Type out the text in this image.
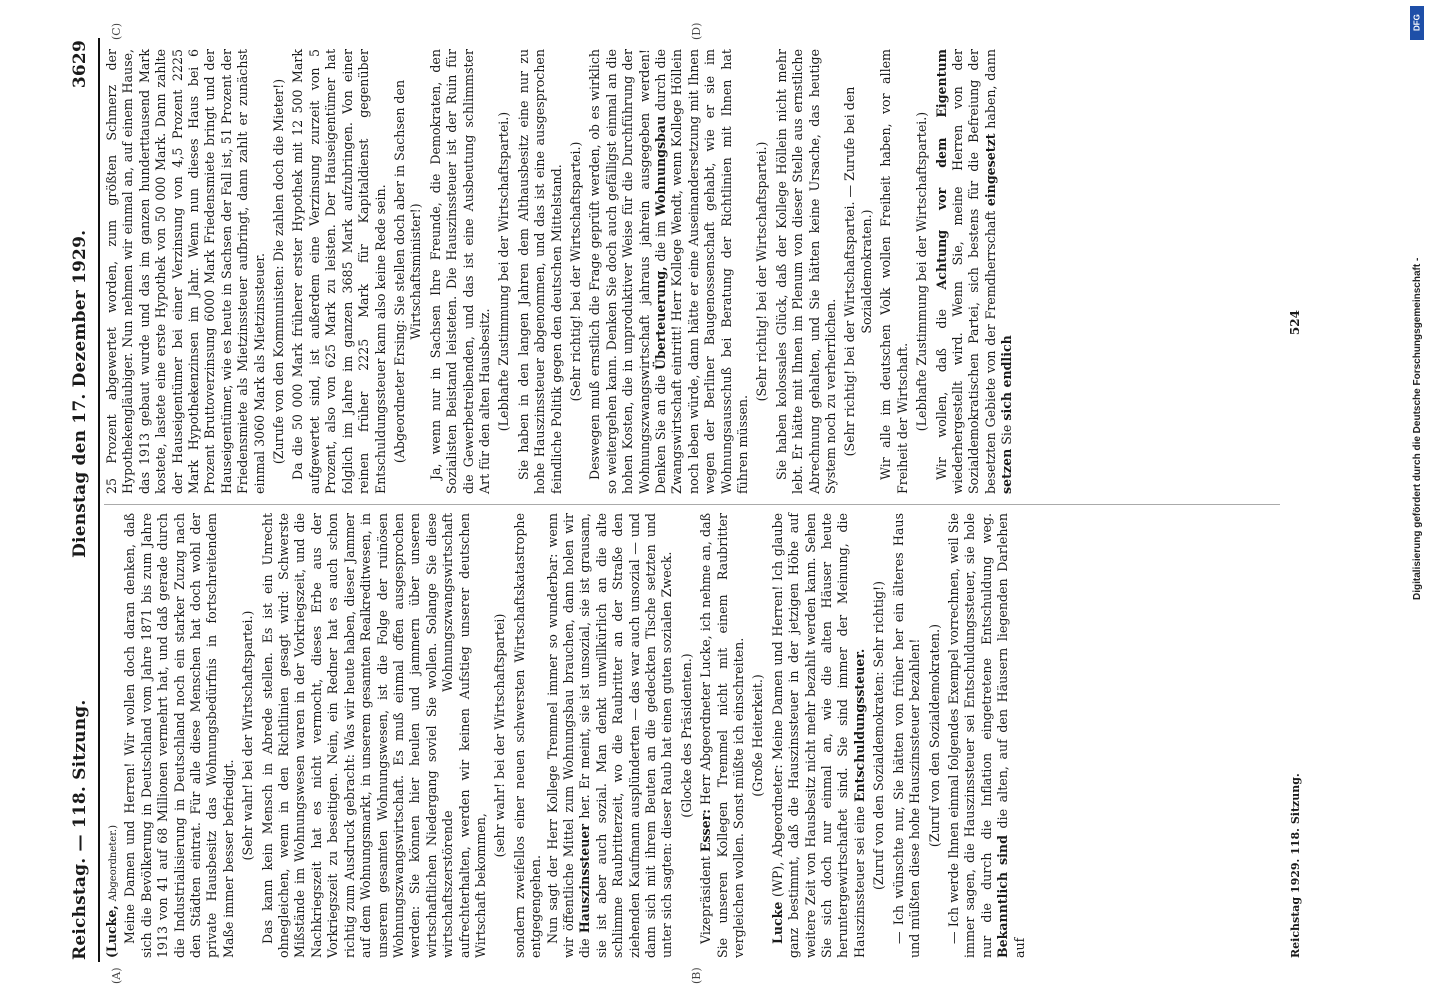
Reichstag. — 118. Sitzung.
Dienstag den 17. Dezember 1929.
3629

(Lucke, Abgeordneter.) Meine Damen und Herren! Wir wollen doch daran denken, daß sich die Bevölkerung in Deutschland vom Jahre 1871 bis zum Jahre 1913 von 41 auf 68 Millionen vermehrt hat, und daß gerade durch die Industrialisierung in Deutschland noch ein starker Zuzug nach den Städten eintrat. Für alle diese Menschen hat doch wohl der private Hausbesitz das Wohnungsbedürfnis in fortschreitendem Maße immer besser befriedigt. (Sehr wahr! bei der Wirtschaftspartei.) Das kann kein Mensch in Abrede stellen. Es ist ein Unrecht ohnegleichen, wenn in den Richtlinien gesagt wird: Schwerste Mißstände im Wohnungswesen waren in der Vorkriegszeit, und die Nachkriegszeit hat es nicht vermocht, dieses Erbe aus der Vorkriegszeit zu beseitigen. Nein, ein Redner hat es auch schon richtig zum Ausdruck gebracht: Was wir heute haben, dieser Jammer auf dem Wohnungsmarkt, in unserem gesamten Realkreditwesen, in unserem gesamten Wohnungswesen, ist die Folge der ruinösen Wohnungszwangswirtschaft. Es muß einmal offen ausgesprochen werden: Sie können hier heulen und jammern über unseren wirtschaftlichen Niedergang soviel Sie wollen. Solange Sie diese wirtschaftszerstörende Wohnungszwangswirtschaft aufrechterhalten, werden wir keinen Aufstieg unserer deutschen Wirtschaft bekommen,

(sehr wahr! bei der Wirtschaftspartei) sondern zweifellos einer neuen schwersten Wirtschaftskatastrophe entgegengehen. Nun sagt der Herr Kollege Tremmel immer so wunderbar: wenn wir öffentliche Mittel zum Wohnungsbau brauchen, dann holen wir die Hauszinssteuer her. Er meint, sie ist unsozial, sie ist grausam, sie ist aber auch sozial. Man denkt unwillkürlich an die alte schlimme Raubritterzeit, wo die Raubritter an der Straße den ziehenden Kaufmann ausplünderten — das war auch unsozial — und dann sich mit ihrem Beuten an die gedeckten Tische setzten und unter sich sagten: dieser Raub hat einen guten sozialen Zweck. (Glocke des Präsidenten.)

Vizepräsident Esser: Herr Abgeordneter Lucke, ich nehme an, daß Sie unseren Kollegen Tremmel nicht mit einem Raubritter vergleichen wollen. Sonst müßte ich einschreiten. (Große Heiterkeit.)

Lucke (WP), Abgeordneter: Meine Damen und Herren! Ich glaube ganz bestimmt, daß die Hauszinssteuer in der jetzigen Höhe auf weitere Zeit von Hausbesitz nicht mehr bezahlt werden kann. Sehen Sie sich doch nur einmal an, wie die alten Häuser heute heruntergewirtschaftet sind. Sie sind immer der Meinung, die Hauszinssteuer sei eine Entschuldungssteuer. (Zuruf von den Sozialdemokraten: Sehr richtig!) — Ich wünschte nur, Sie hätten von früher her ein älteres Haus und müßten diese hohe Hauszinssteuer bezahlen! (Zuruf von den Sozialdemokraten.) — Ich werde Ihnen einmal folgendes Exempel vorrechnen, weil Sie immer sagen, die Hauszinssteuer sei Entschuldungssteuer, sie hole nur die durch die Inflation eingetretene Entschuldung weg. Bekanntlich sind die alten, auf den Häusern liegenden Darlehen auf

25 Prozent abgewertet worden, zum größten Schmerz der Hypothekengläubiger. Nun nehmen wir einmal an, auf einem Hause, das 1913 gebaut wurde und das im ganzen hunderttausend Mark kostete, lastete eine erste Hypothek von 50 000 Mark. Dann zahlte der Hauseigentümer bei einer Verzinsung von 4,5 Prozent 2225 Mark Hypothekenzinsen im Jahr. Wenn nun dieses Haus bei 6 Prozent Bruttoverzinsung 6000 Mark Friedensmiete bringt und der Hauseigentümer, wie es heute in Sachsen der Fall ist, 51 Prozent der Friedensmiete als Mietzinssteuer aufbringt, dann zahlt er zunächst einmal 3060 Mark als Mietzinssteuer. (Zurufe von den Kommunisten: Die zahlen doch die Mieter!) Da die 50 000 Mark früherer erster Hypothek mit 12 500 Mark aufgewertet sind, ist außerdem eine Verzinsung zurzeit von 5 Prozent, also von 625 Mark zu leisten. Der Hauseigentümer hat folglich im Jahre im ganzen 3685 Mark aufzubringen. Von einer reinen früher 2225 Mark für Kapitaldienst gegenüber Entschuldungssteuer kann also keine Rede sein. (Abgeordneter Ersing: Sie stellen doch aber in Sachsen den Wirtschaftsminister!) Ja, wenn nur in Sachsen Ihre Freunde, die Demokraten, den Sozialisten Beistand leisteten. Die Hauszinssteuer ist der Ruin für die Gewerbetreibenden, und das ist eine Ausbeutung schlimmster Art für den alten Hausbesitz. (Lebhafte Zustimmung bei der Wirtschaftspartei.) Sie haben in den langen Jahren dem Althausbesitz eine nur zu hohe Hauszinssteuer abgenommen, und das ist eine ausgesprochen feindliche Politik gegen den deutschen Mittelstand. (Sehr richtig! bei der Wirtschaftspartei.) Deswegen muß ernstlich die Frage geprüft werden, ob es wirklich so weitergehen kann. Denken Sie doch auch gefälligst einmal an die hohen Kosten, die in unproduktiver Weise für die Durchführung der Wohnungszwangswirtschaft jahraus jahrein ausgegeben werden! Denken Sie an die Überteuerung, die im Wohnungsbau durch die Zwangswirtschaft eintritt! Herr Kollege Wendt, wenn Kollege Höllein noch leben würde, dann hätte er eine Auseinandersetzung mit Ihnen wegen der Berliner Baugenossenschaft gehabt, wie er sie im Wohnungsausschuß bei Beratung der Richtlinien mit Ihnen hat führen müssen.

(Sehr richtig! bei der Wirtschaftspartei.) Sie haben kolossales Glück, daß der Kollege Höllein nicht mehr lebt. Er hätte mit Ihnen im Plenum von dieser Stelle aus ernstliche Abrechnung gehalten, und Sie hätten keine Ursache, das heutige System noch zu verherrlichen. (Sehr richtig! bei der Wirtschaftspartei. — Zurufe bei den Sozialdemokraten.) Wir alle im deutschen Volk wollen Freiheit haben, vor allem Freiheit der Wirtschaft. (Lebhafte Zustimmung bei der Wirtschaftspartei.) Wir wollen, daß die Achtung vor dem Eigentum wiederhergestellt wird. Wenn Sie, meine Herren von der Sozialdemokratischen Partei, sich bestens für die Befreiung der besetzten Gebiete von der Fremdherrschaft eingesetzt haben, dann setzen Sie sich endlich

(A)	(B)
(C)	(D)
Reichstag 1929. 118. Sitzung.
524
DFG
Digitalisierung gefördert durch die Deutsche Forschungsgemeinschaft -
